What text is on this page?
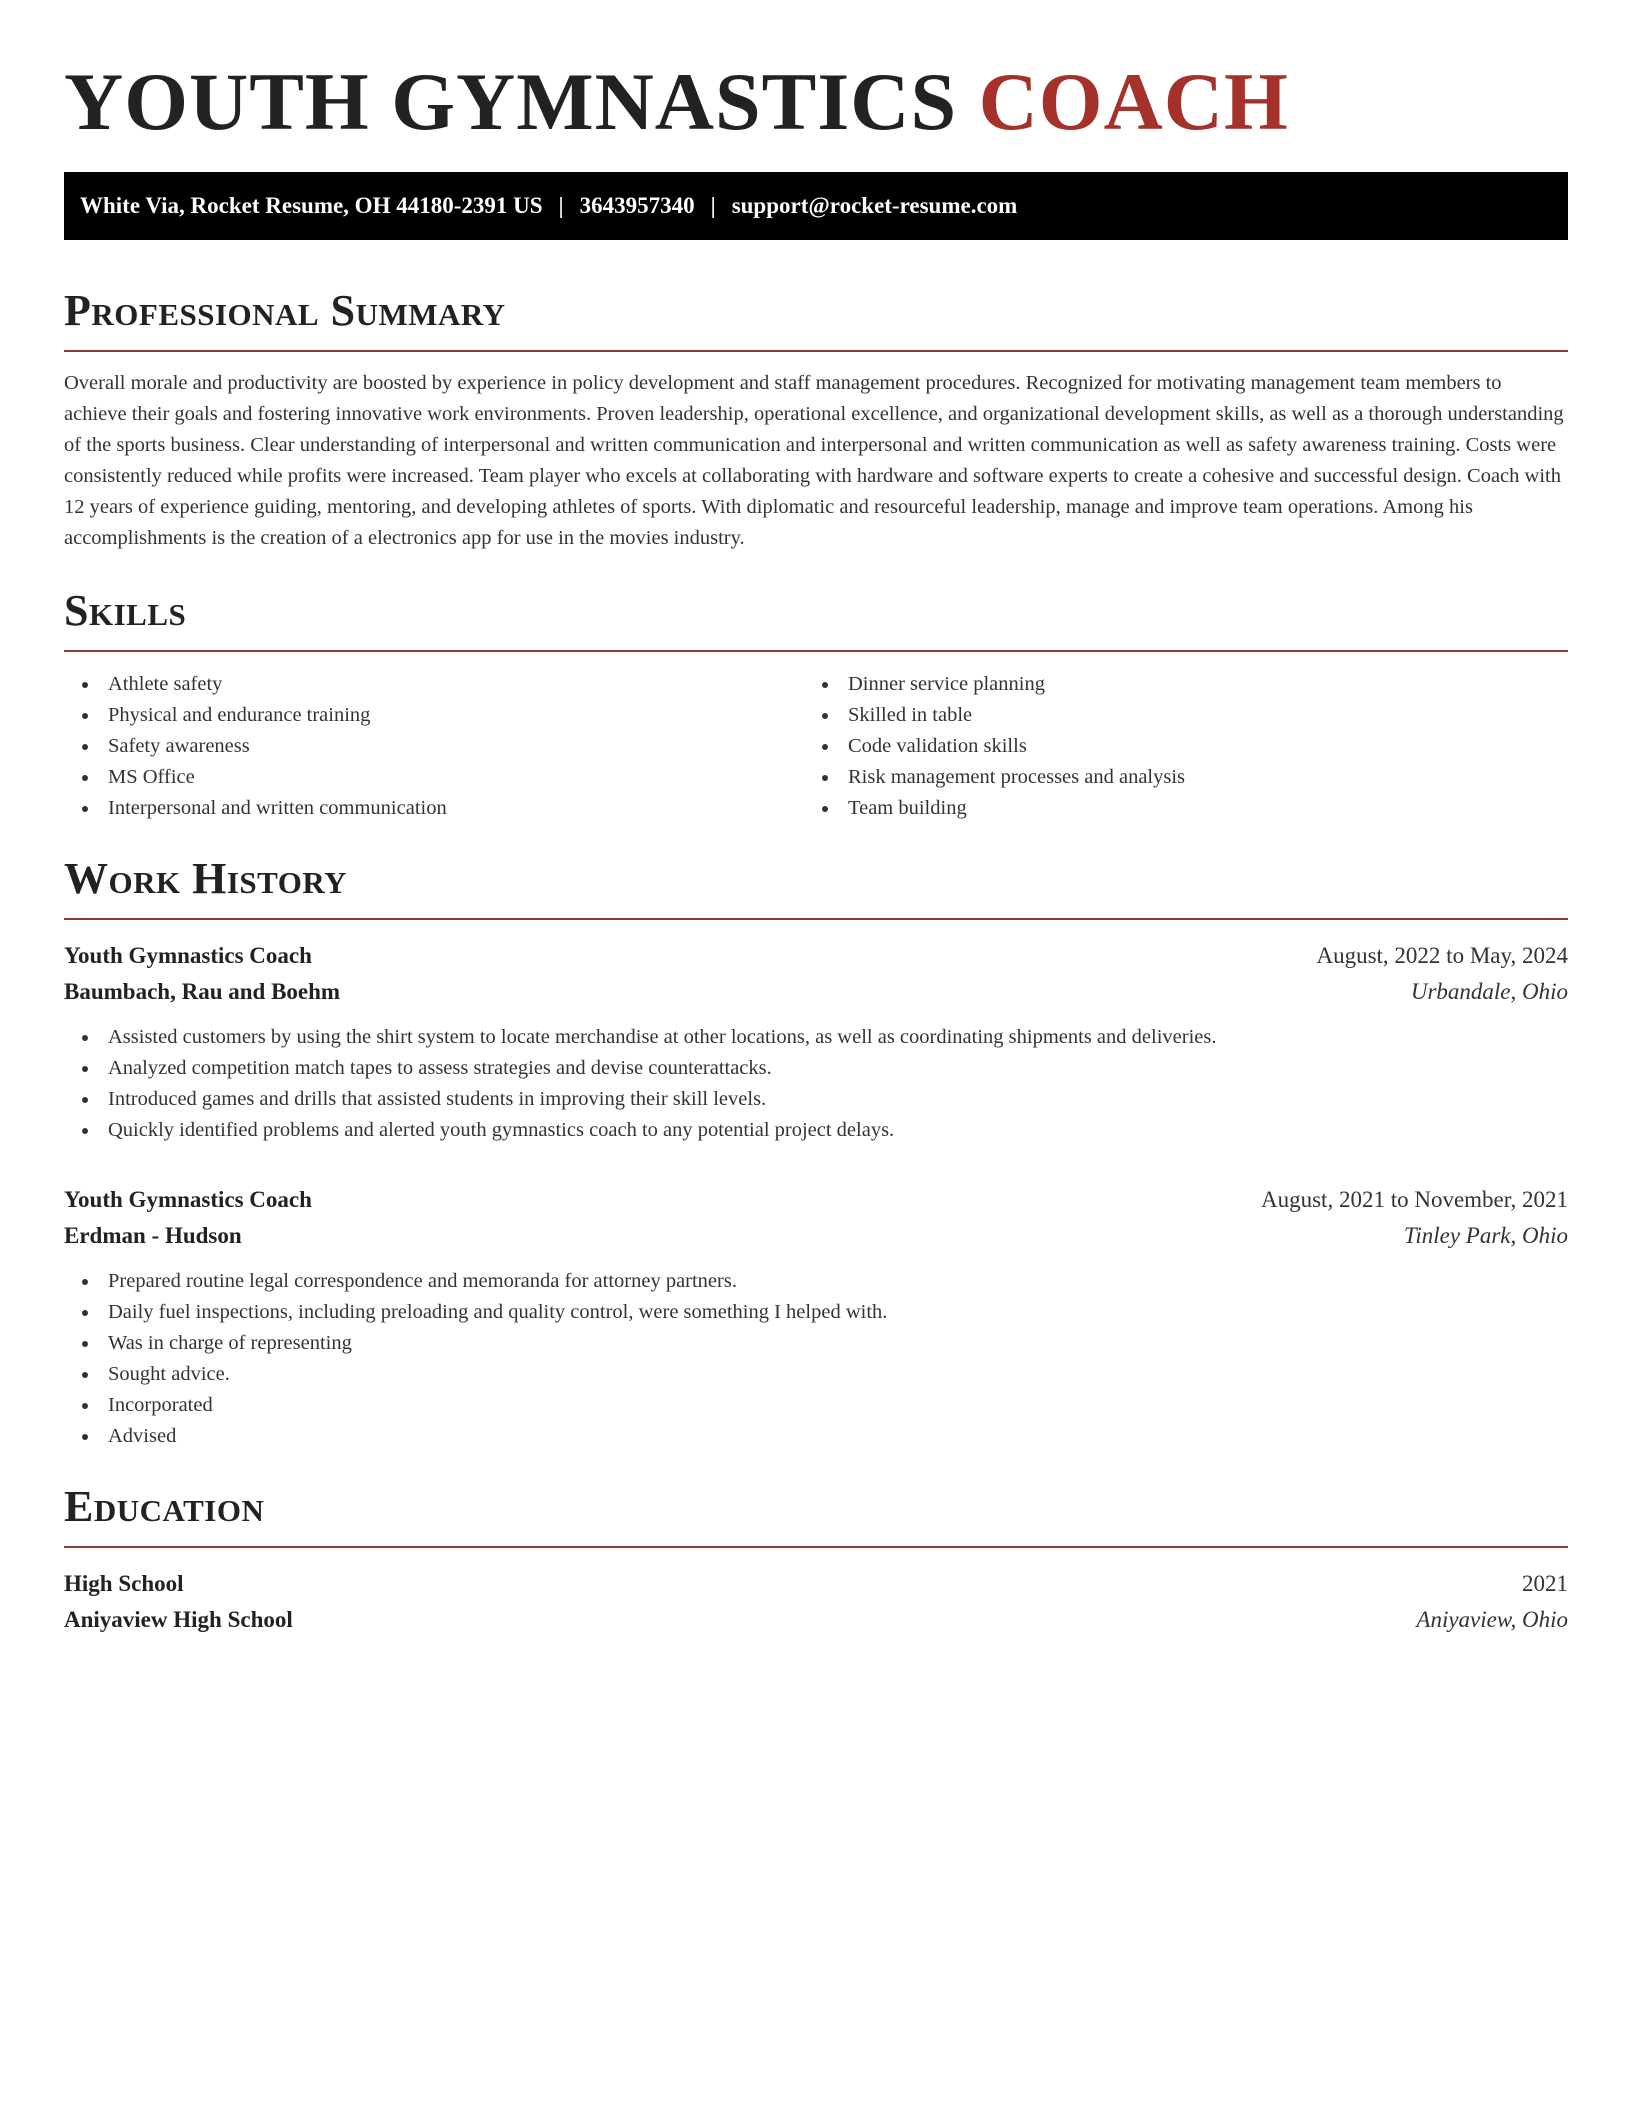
YOUTH GYMNASTICS COACH
White Via, Rocket Resume, OH 44180-2391 US | 3643957340 | support@rocket-resume.com
Professional Summary

Overall morale and productivity are boosted by experience in policy development and staff management procedures. Recognized for motivating management team members to achieve their goals and fostering innovative work environments. Proven leadership, operational excellence, and organizational development skills, as well as a thorough understanding of the sports business. Clear understanding of interpersonal and written communication and interpersonal and written communication as well as safety awareness training. Costs were consistently reduced while profits were increased. Team player who excels at collaborating with hardware and software experts to create a cohesive and successful design. Coach with 12 years of experience guiding, mentoring, and developing athletes of sports. With diplomatic and resourceful leadership, manage and improve team operations. Among his accomplishments is the creation of a electronics app for use in the movies industry.

Skills
Athlete safety
Physical and endurance training
Safety awareness
MS Office
Interpersonal and written communication
Dinner service planning
Skilled in table
Code validation skills
Risk management processes and analysis
Team building
Work History
Youth Gymnastics Coach	August, 2022 to May, 2024
Baumbach, Rau and Boehm	Urbandale, Ohio
Assisted customers by using the shirt system to locate merchandise at other locations, as well as coordinating shipments and deliveries.
Analyzed competition match tapes to assess strategies and devise counterattacks.
Introduced games and drills that assisted students in improving their skill levels.
Quickly identified problems and alerted youth gymnastics coach to any potential project delays.
Youth Gymnastics Coach	August, 2021 to November, 2021
Erdman - Hudson	Tinley Park, Ohio
Prepared routine legal correspondence and memoranda for attorney partners.
Daily fuel inspections, including preloading and quality control, were something I helped with.
Was in charge of representing
Sought advice.
Incorporated
Advised
Education
High School	2021
Aniyaview High School	Aniyaview, Ohio
